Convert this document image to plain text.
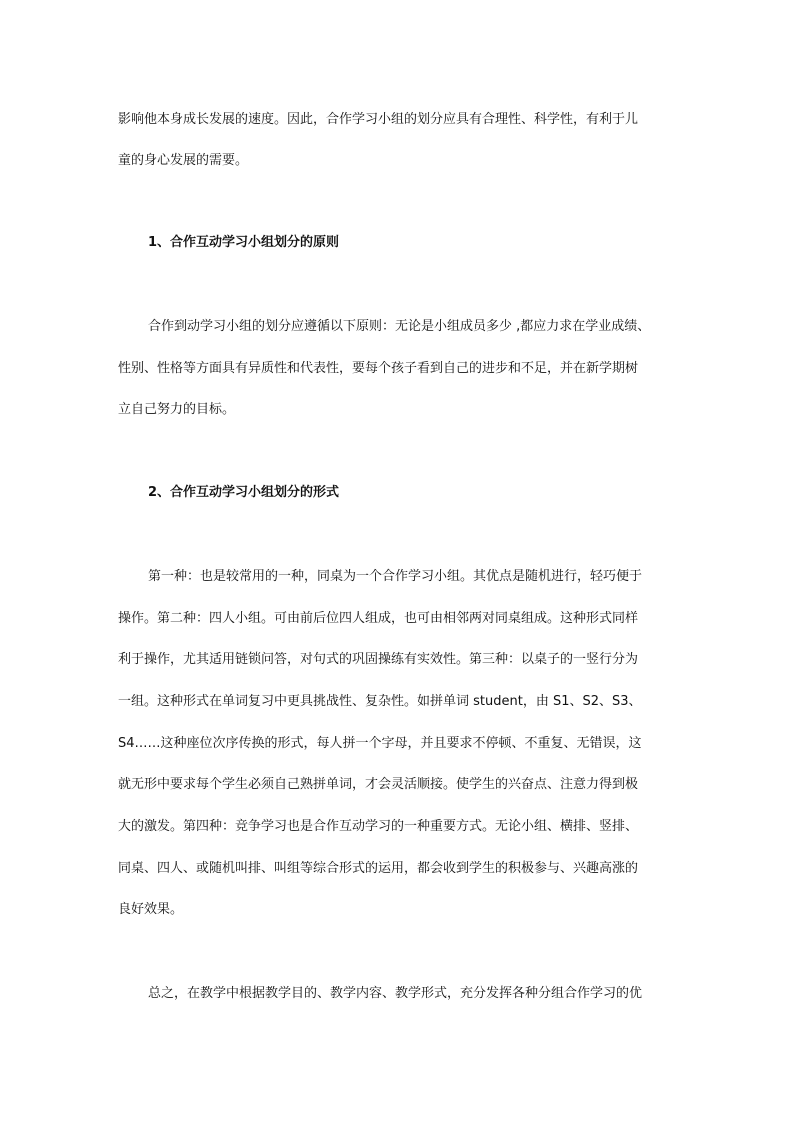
影响他本身成长发展的速度。因此，合作学习小组的划分应具有合理性、科学性，有利于儿
童的身心发展的需要。
1、合作互动学习小组划分的原则
合作到动学习小组的划分应遵循以下原则：无论是小组成员多少 ,都应力求在学业成绩、
性别、性格等方面具有异质性和代表性，要每个孩子看到自己的进步和不足，并在新学期树
立自己努力的目标。
2、合作互动学习小组划分的形式
第一种：也是较常用的一种，同桌为一个合作学习小组。其优点是随机进行，轻巧便于
操作。第二种：四人小组。可由前后位四人组成，也可由相邻两对同桌组成。这种形式同样
利于操作，尤其适用链锁问答，对句式的巩固操练有实效性。第三种：以桌子的一竖行分为
一组。这种形式在单词复习中更具挑战性、复杂性。如拼单词 student，由 S1、S2、S3、
S4……这种座位次序传换的形式，每人拼一个字母，并且要求不停顿、不重复、无错误，这
就无形中要求每个学生必须自己熟拼单词，才会灵活顺接。使学生的兴奋点、注意力得到极
大的激发。第四种：竞争学习也是合作互动学习的一种重要方式。无论小组、横排、竖排、
同桌、四人、或随机叫排、叫组等综合形式的运用，都会收到学生的积极参与、兴趣高涨的
良好效果。
总之，在教学中根据教学目的、教学内容、教学形式，充分发挥各种分组合作学习的优
